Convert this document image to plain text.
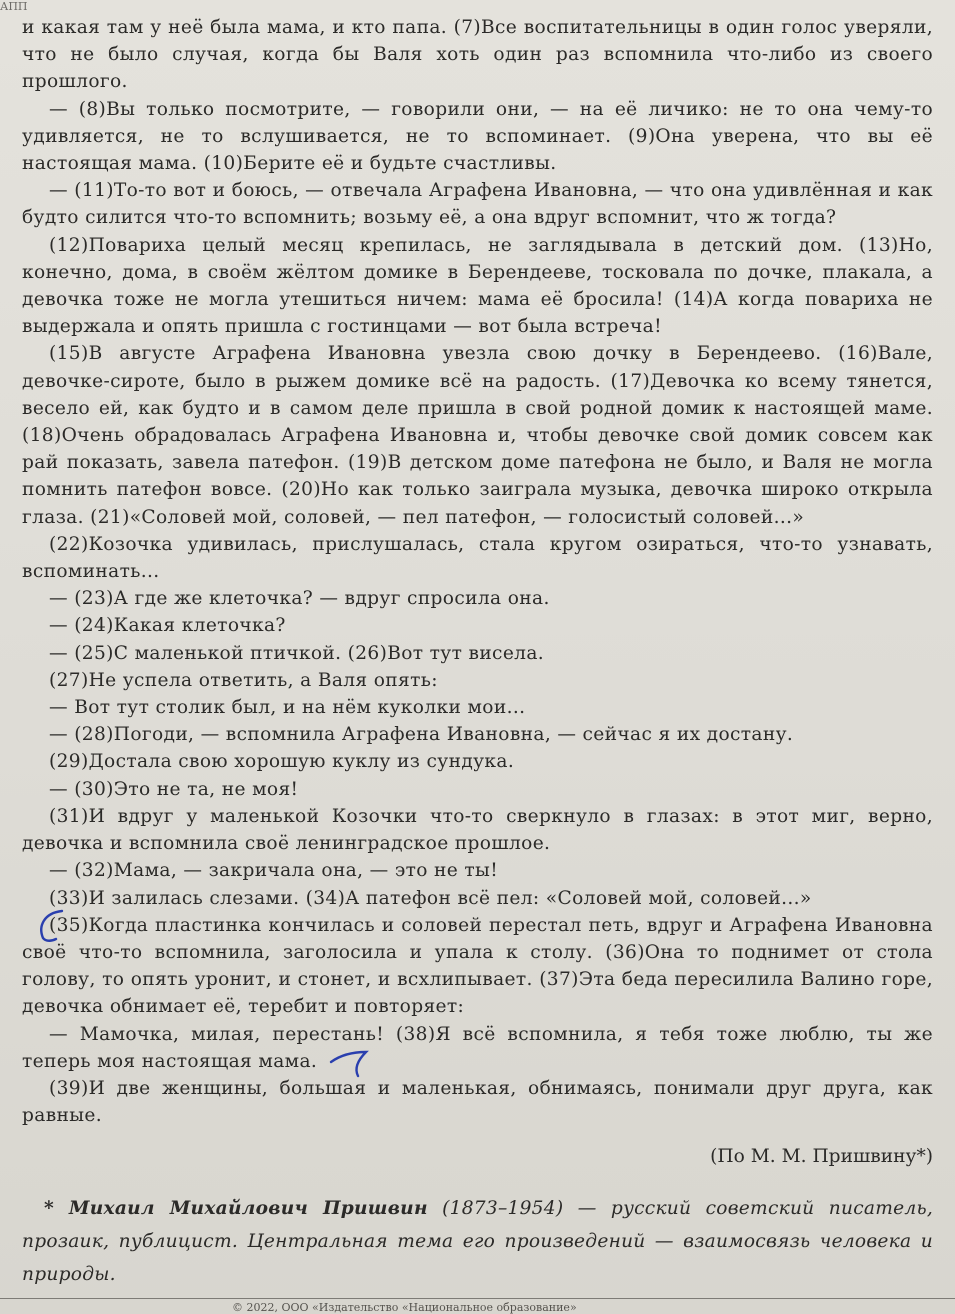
АПП

и какая там у неё была мама, и кто папа. (7)Все воспитательницы в один голос уверяли, что не было случая, когда бы Валя хоть один раз вспомнила что-либо из своего прошлого.

— (8)Вы только посмотрите, — говорили они, — на её личико: не то она чему-то удивляется, не то вслушивается, не то вспоминает. (9)Она уверена, что вы её настоящая мама. (10)Берите её и будьте счастливы.

— (11)То-то вот и боюсь, — отвечала Аграфена Ивановна, — что она удивлённая и как будто силится что-то вспомнить; возьму её, а она вдруг вспомнит, что ж тогда?

(12)Повариха целый месяц крепилась, не заглядывала в детский дом. (13)Но, конечно, дома, в своём жёлтом домике в Берендееве, тосковала по дочке, плакала, а девочка тоже не могла утешиться ничем: мама её бросила! (14)А когда повариха не выдержала и опять пришла с гостинцами — вот была встреча!

(15)В августе Аграфена Ивановна увезла свою дочку в Берендеево. (16)Вале, девочке-сироте, было в рыжем домике всё на радость. (17)Девочка ко всему тянется, весело ей, как будто и в самом деле пришла в свой родной домик к настоящей маме. (18)Очень обрадовалась Аграфена Ивановна и, чтобы девочке свой домик совсем как рай показать, завела патефон. (19)В детском доме патефона не было, и Валя не могла помнить патефон вовсе. (20)Но как только заиграла музыка, девочка широко открыла глаза. (21)«Соловей мой, соловей, — пел патефон, — голосистый соловей...»

(22)Козочка удивилась, прислушалась, стала кругом озираться, что-то узнавать, вспоминать...

— (23)А где же клеточка? — вдруг спросила она.

— (24)Какая клеточка?

— (25)С маленькой птичкой. (26)Вот тут висела.

(27)Не успела ответить, а Валя опять:

— Вот тут столик был, и на нём куколки мои...

— (28)Погоди, — вспомнила Аграфена Ивановна, — сейчас я их достану.

(29)Достала свою хорошую куклу из сундука.

— (30)Это не та, не моя!

(31)И вдруг у маленькой Козочки что-то сверкнуло в глазах: в этот миг, верно, девочка и вспомнила своё ленинградское прошлое.

— (32)Мама, — закричала она, — это не ты!

(33)И залилась слезами. (34)А патефон всё пел: «Соловей мой, соловей...»

(35)Когда пластинка кончилась и соловей перестал петь, вдруг и Аграфена Ивановна своё что-то вспомнила, заголосила и упала к столу. (36)Она то поднимет от стола голову, то опять уронит, и стонет, и всхлипывает. (37)Эта беда пересилила Валино горе, девочка обнимает её, теребит и повторяет:

— Мамочка, милая, перестань! (38)Я всё вспомнила, я тебя тоже люблю, ты же теперь моя настоящая мама.

(39)И две женщины, большая и маленькая, обнимаясь, понимали друг друга, как равные.

(По М. М. Пришвину*)
* Михаил Михайлович Пришвин (1873–1954) — русский советский писатель, прозаик, публицист. Центральная тема его произведений — взаимосвязь человека и природы.
© 2022, ООО «Издательство «Национальное образование»
